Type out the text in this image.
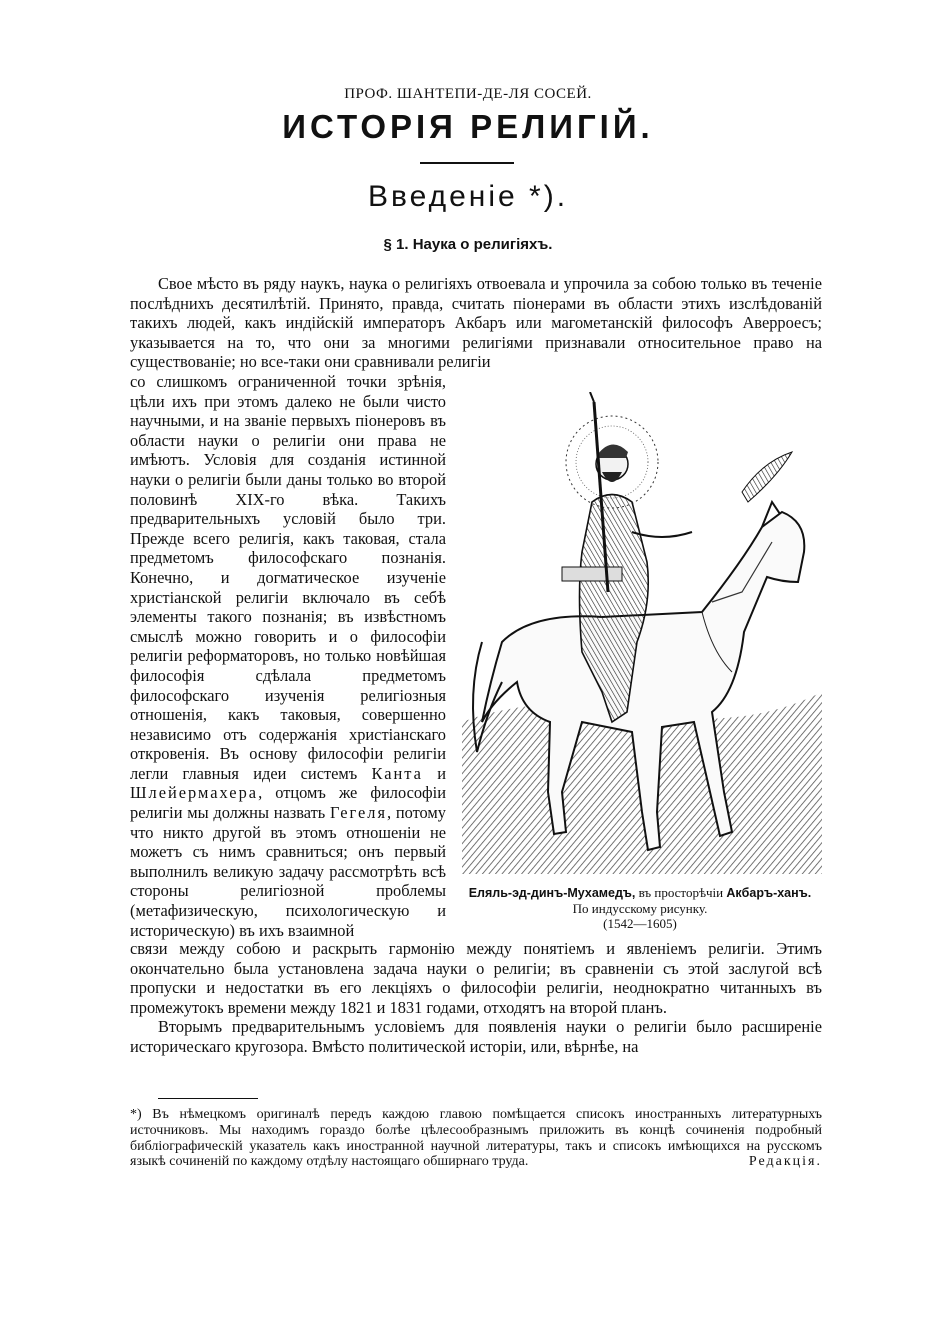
ПРОФ. ШАНТЕПИ-ДЕ-ЛЯ СОСЕЙ.
ИСТОРІЯ РЕЛИГІЙ.
Введеніе *).
§ 1. Наука о религіяхъ.

Свое мѣсто въ ряду наукъ, наука о религіяхъ отвоевала и упрочила за собою только въ теченіе послѣднихъ десятилѣтій. Принято, правда, считать піонерами въ области этихъ изслѣдованій такихъ людей, какъ индійскій императоръ Акбаръ или магометанскій философъ Аверроесъ; указывается на то, что они за многими религіями признавали относительное право на существованіе; но все-таки они сравнивали религіи

со слишкомъ ограниченной точки зрѣнія, цѣли ихъ при этомъ далеко не были чисто научными, и на званіе первыхъ піонеровъ въ области науки о религіи они права не имѣютъ. Условія для созданія истинной науки о религіи были даны только во второй половинѣ XIX-го вѣка. Такихъ предварительныхъ условій было три. Прежде всего религія, какъ таковая, стала предметомъ философскаго познанія. Конечно, и догматическое изученіе христіанской религіи включало въ себѣ элементы такого познанія; въ извѣстномъ смыслѣ можно говорить и о философіи религіи реформаторовъ, но только новѣйшая философія сдѣлала предметомъ философскаго изученія религіозныя отношенія, какъ таковыя, совершенно независимо отъ содержанія христіанскаго откровенія. Въ основу философіи религіи легли главныя идеи системъ Канта и Шлейермахера, отцомъ же философіи религіи мы должны назвать Гегеля, потому что никто другой въ этомъ отношеніи не можетъ съ нимъ сравниться; онъ первый выполнилъ великую задачу рассмотрѣть всѣ стороны религіозной проблемы (метафизическую, психологическую и историческую) въ ихъ взаимной
Еляль-эд-динъ-Мухамедъ, въ просторѣчіи Акбаръ-ханъ.
По индусскому рисунку.
(1542—1605)

связи между собою и раскрыть гармонію между понятіемъ и явленіемъ религіи. Этимъ окончательно была установлена задача науки о религіи; въ сравненіи съ этой заслугой всѣ пропуски и недостатки въ его лекціяхъ о философіи религіи, неоднократно читанныхъ въ промежутокъ времени между 1821 и 1831 годами, отходятъ на второй планъ.

Вторымъ предварительнымъ условіемъ для появленія науки о религіи было расширеніе историческаго кругозора. Вмѣсто политической исторіи, или, вѣрнѣе, на

*) Въ нѣмецкомъ оригиналѣ передъ каждою главою помѣщается списокъ иностранныхъ литературныхъ источниковъ. Мы находимъ гораздо болѣе цѣлесообразнымъ приложить въ концѣ сочиненія подробный библіографическій указатель какъ иностранной научной литературы, такъ и списокъ имѣющихся на русскомъ языкѣ сочиненій по каждому отдѣлу настоящаго обширнаго труда.	Редакція.
